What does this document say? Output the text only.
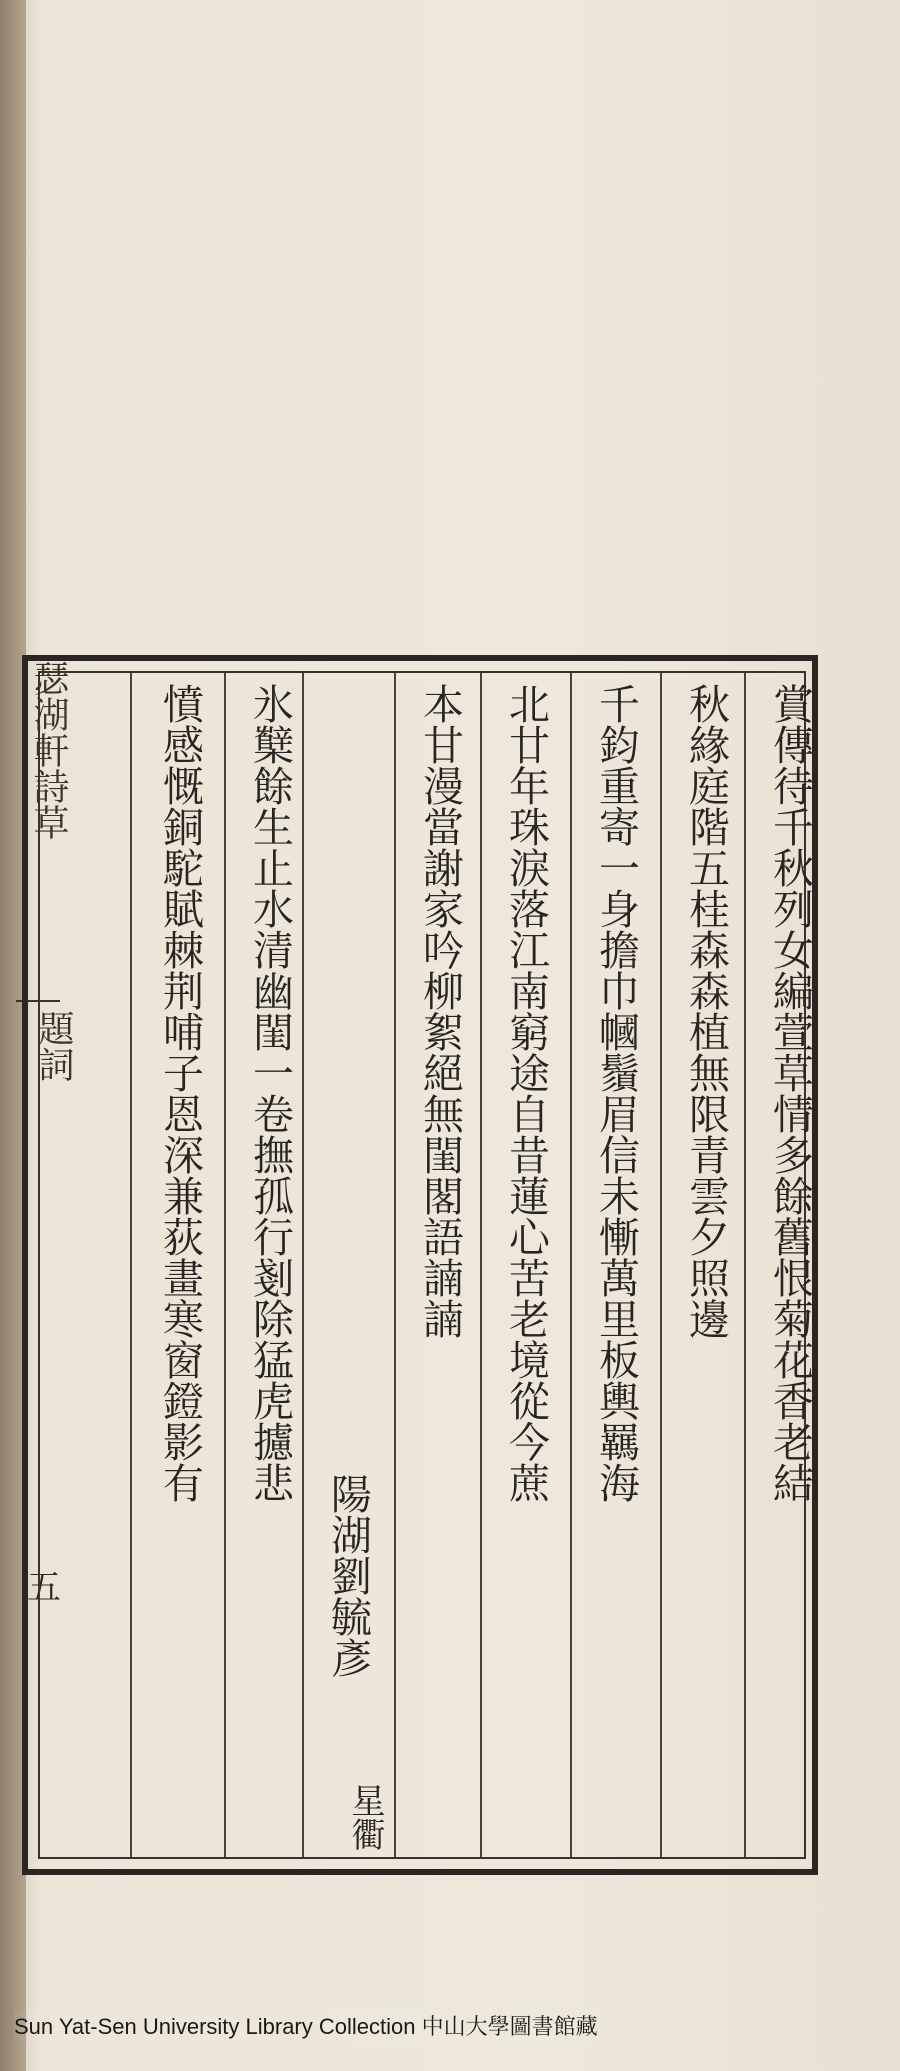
瑟湖軒詩草
題詞
五
賞傳待千秋列女編萱草情多餘舊恨菊花香老結
秋緣庭階五桂森森植無限青雲夕照邊
千鈞重寄一身擔巾幗鬚眉信未慚萬里板輿羈海
北廿年珠淚落江南窮途自昔蓮心苦老境從今蔗
本甘漫當謝家吟柳絮絕無閨閣語諵諵
陽湖劉毓彥
星衢
氷櫱餘生止水清幽閨一卷撫孤行剗除猛虎攄悲
憤感慨銅駝賦棘荆哺子恩深兼荻畫寒窗鐙影有
Sun Yat-Sen University Library Collection 中山大學圖書館藏
